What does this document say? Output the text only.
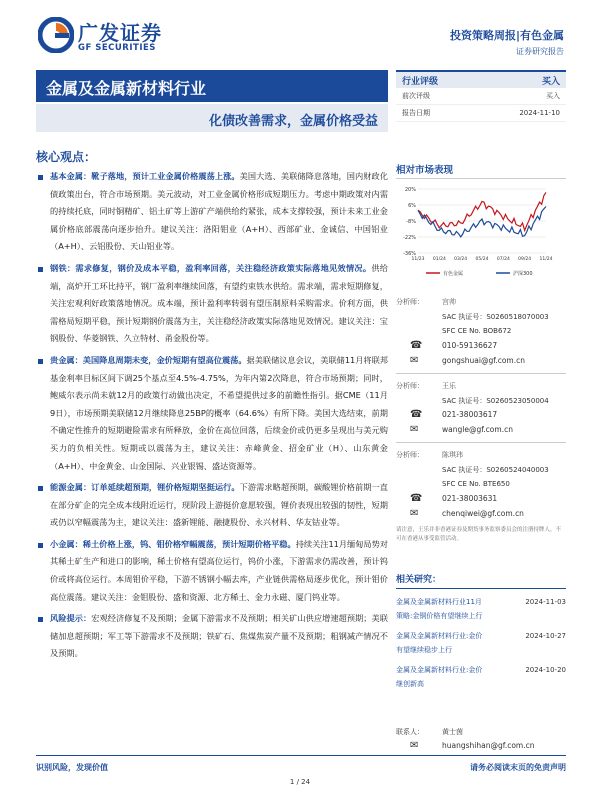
广发证券
GF SECURITIES
投资策略周报|有色金属
证券研究报告
金属及金属新材料行业
化债改善需求，金属价格受益
行业评级	买入
前次评级	买入
报告日期	2024-11-10
核心观点：
基本金属：靴子落地，预计工业金属价格震荡上涨。美国大选、美联储降息落地，国内财政化债政策出台，符合市场预期。美元波动，对工业金属价格形成短期压力。考虑中期政策对内需的持续托底，同时铜精矿、铝土矿等上游矿产端供给约紧张，成本支撑较强，预计未来工业金属价格底部震荡向逐步抬升。建议关注：洛阳钼业（A+H）、西部矿业、金诚信、中国铝业（A+H）、云铝股份、天山铝业等。
钢铁：需求修复，钢价及成本平稳，盈利率回落，关注稳经济政策实际落地见效情况。供给端，高炉开工环比持平，钢厂盈利率继续回落，有望约束铁水供给。需求端，需求短期修复，关注宏观利好政策落地情况。成本端，预计盈利率转弱有望压制原料采购需求。价利方面，供需格局短期平稳，预计短期钢价震荡为主，关注稳经济政策实际落地见效情况。建议关注：宝钢股份、华菱钢铁、久立特材、甬金股份等。
贵金属：美国降息周期未变，金价短期有望高位震荡。据美联储议息会议，美联储11月将联邦基金利率目标区间下调25个基点至4.5%-4.75%，为年内第2次降息，符合市场预期；同时，鲍威尔表示尚未就12月的政策行动做出决定，不希望提供过多的前瞻性指引。据CME（11月9日），市场预期美联储12月继续降息25BP的概率（64.6%）有所下降。美国大选结束，前期不确定性推升的短期避险需求有所释放，金价在高位回落，后续金价或仍更多呈现出与美元购买力的负相关性。短期或以震荡为主，建议关注：赤峰黄金、招金矿业（H）、山东黄金（A+H）、中金黄金、山金国际、兴业银锡、盛达资源等。
能源金属：订单延续超预期，锂价格短期坚挺运行。下游需求略超预期，碳酸锂价格前期一直在部分矿企的完全成本线附近运行，现阶段上游挺价意愿较强，锂价表现出较强的韧性，短期或仍以窄幅震荡为主，建议关注：盛新锂能、融捷股份、永兴材料、华友钴业等。
小金属：稀土价格上涨，钨、钼价格窄幅震荡，预计短期价格平稳。持续关注11月缅甸局势对其稀土矿生产和进口的影响，稀土价格有望高位运行，钨价小涨，下游需求仍需改善，预计钨价或将高位运行。本周钼价平稳，下游不锈钢小幅去库，产业链供需格局逐步优化，预计钼价高位震荡。建议关注：金钼股份、盛和资源、北方稀土、金力永磁、厦门钨业等。
风险提示：宏观经济修复不及预期；金属下游需求不及预期；相关矿山供应增速超预期；美联储加息超预期；军工等下游需求不及预期；铁矿石、焦煤焦炭产量不及预期；粗钢减产情况不及预期。
相对市场表现
20%
6%
-8%
-22%
-36%
11/23 01/24 03/24 05/24 07/24 09/24 11/24
有色金属	沪深300
分析师：	宫帅
SAC 执证号：S0260518070003
SFC CE No. BOB672
☎	010-59136627
✉	gongshuai@gf.com.cn
分析师：	王乐
SAC 执证号：S0260523050004
☎	021-38003617
✉	wangle@gf.com.cn
分析师：	陈琪玮
SAC 执证号：S0260524040003
SFC CE No. BTE650
☎	021-38003631
✉	chenqiwei@gf.com.cn
请注意，王乐并非香港证券及期货事务监察委员会的注册持牌人，不可在香港从事受监管活动。
相关研究：
金属及金属新材料行业11月
策略:金铜价格有望继续上行
2024-11-03
金属及金属新材料行业:金价
有望继续稳步上行
2024-10-27
金属及金属新材料行业:金价
继创新高
2024-10-20
联系人：	黄士茵
✉	huangshihan@gf.com.cn
识别风险，发现价值	请务必阅读末页的免责声明
1 / 24
